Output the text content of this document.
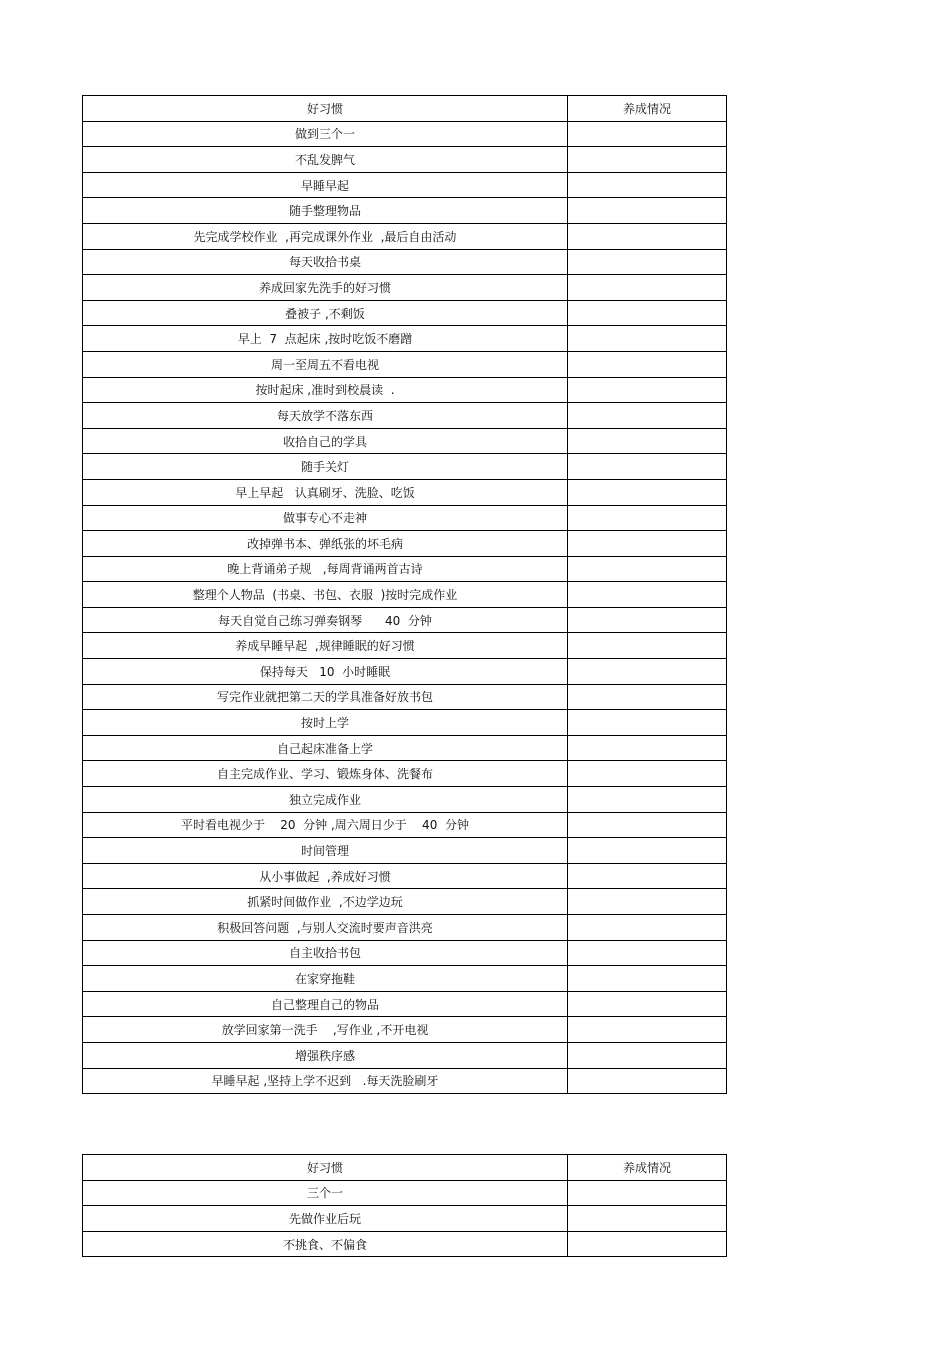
好习惯	养成情况
做到三个一	
不乱发脾气	
早睡早起	
随手整理物品	
先完成学校作业  ,再完成课外作业  ,最后自由活动	
每天收拾书桌	
养成回家先洗手的好习惯	
叠被子 ,不剩饭	
早上  7  点起床 ,按时吃饭不磨蹭	
周一至周五不看电视	
按时起床 ,准时到校晨读  .	
每天放学不落东西	
收拾自己的学具	
随手关灯	
早上早起   认真刷牙、洗脸、吃饭	
做事专心不走神	
改掉弹书本、弹纸张的坏毛病	
晚上背诵弟子规   ,每周背诵两首古诗	
整理个人物品  (书桌、书包、衣服  )按时完成作业	
每天自觉自己练习弹奏钢琴      40  分钟	
养成早睡早起  ,规律睡眠的好习惯	
保持每天   10  小时睡眠	
写完作业就把第二天的学具准备好放书包	
按时上学	
自己起床准备上学	
自主完成作业、学习、锻炼身体、洗餐布	
独立完成作业	
平时看电视少于    20  分钟 ,周六周日少于    40  分钟	
时间管理	
从小事做起  ,养成好习惯	
抓紧时间做作业  ,不边学边玩	
积极回答问题  ,与别人交流时要声音洪亮	
自主收拾书包	
在家穿拖鞋	
自己整理自己的物品	
放学回家第一洗手    ,写作业 ,不开电视	
增强秩序感	
早睡早起 ,坚持上学不迟到   .每天洗脸刷牙	
好习惯	养成情况
三个一	
先做作业后玩	
不挑食、不偏食	
